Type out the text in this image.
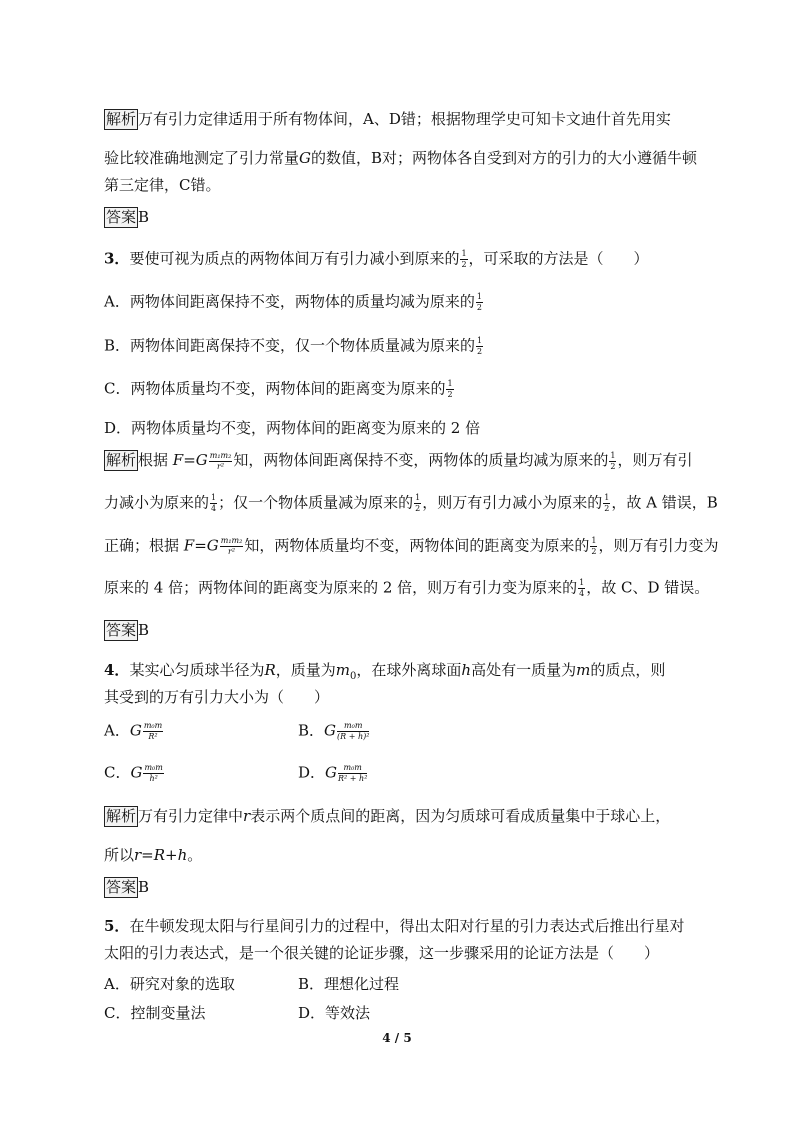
解析 万有引力定律适用于所有物体间，A、D错；根据物理学史可知卡文迪什首先用实
验比较准确地测定了引力常量G的数值，B对；两物体各自受到对方的引力的大小遵循牛顿
第三定律，C错。
答案 B
3．要使可视为质点的两物体间万有引力减小到原来的 $\frac{1}{2}$ ，可采取的方法是（　　）
A．两物体间距离保持不变，两物体的质量均减为原来的 $\frac{1}{2}$
B．两物体间距离保持不变，仅一个物体质量减为原来的 $\frac{1}{2}$
C．两物体质量均不变，两物体间的距离变为原来的 $\frac{1}{2}$
D．两物体质量均不变，两物体间的距离变为原来的 2 倍
解析 根据 $F=G \frac{\text{m₁m₂}}{\text{r²}}$ 知，两物体间距离保持不变，两物体的质量均减为原来的 $\frac{1}{2}$ ，则万有引
力减小为原来的 $\frac{1}{4}$ ；仅一个物体质量减为原来的 $\frac{1}{2}$ ，则万有引力减小为原来的 $\frac{1}{2}$ ，故 A 错误，B
正确；根据 $F=G \frac{\text{m₁m₂}}{\text{r²}}$ 知，两物体质量均不变，两物体间的距离变为原来的 $\frac{1}{2}$ ，则万有引力变为
原来的 4 倍；两物体间的距离变为原来的 2 倍，则万有引力变为原来的 $\frac{1}{4}$ ，故 C、D 错误。
答案 B
4．某实心匀质球半径为R，质量为$m_0$，在球外离球面h高处有一质量为m的质点，则
其受到的万有引力大小为（　　）
A．G $\frac{\text{m₀m}}{\text{R²}}$	B．G $\frac{\text{m₀m}}{\text{(R + h)²}}$
C．G $\frac{\text{m₀m}}{\text{h²}}$	D．G $\frac{\text{m₀m}}{\text{R² + h²}}$
解析 万有引力定律中r表示两个质点间的距离，因为匀质球可看成质量集中于球心上，
所以r=R+h。
答案 B
5．在牛顿发现太阳与行星间引力的过程中，得出太阳对行星的引力表达式后推出行星对
太阳的引力表达式，是一个很关键的论证步骤，这一步骤采用的论证方法是（　　）
A．研究对象的选取	B．理想化过程
C．控制变量法	D．等效法
4 / 5
